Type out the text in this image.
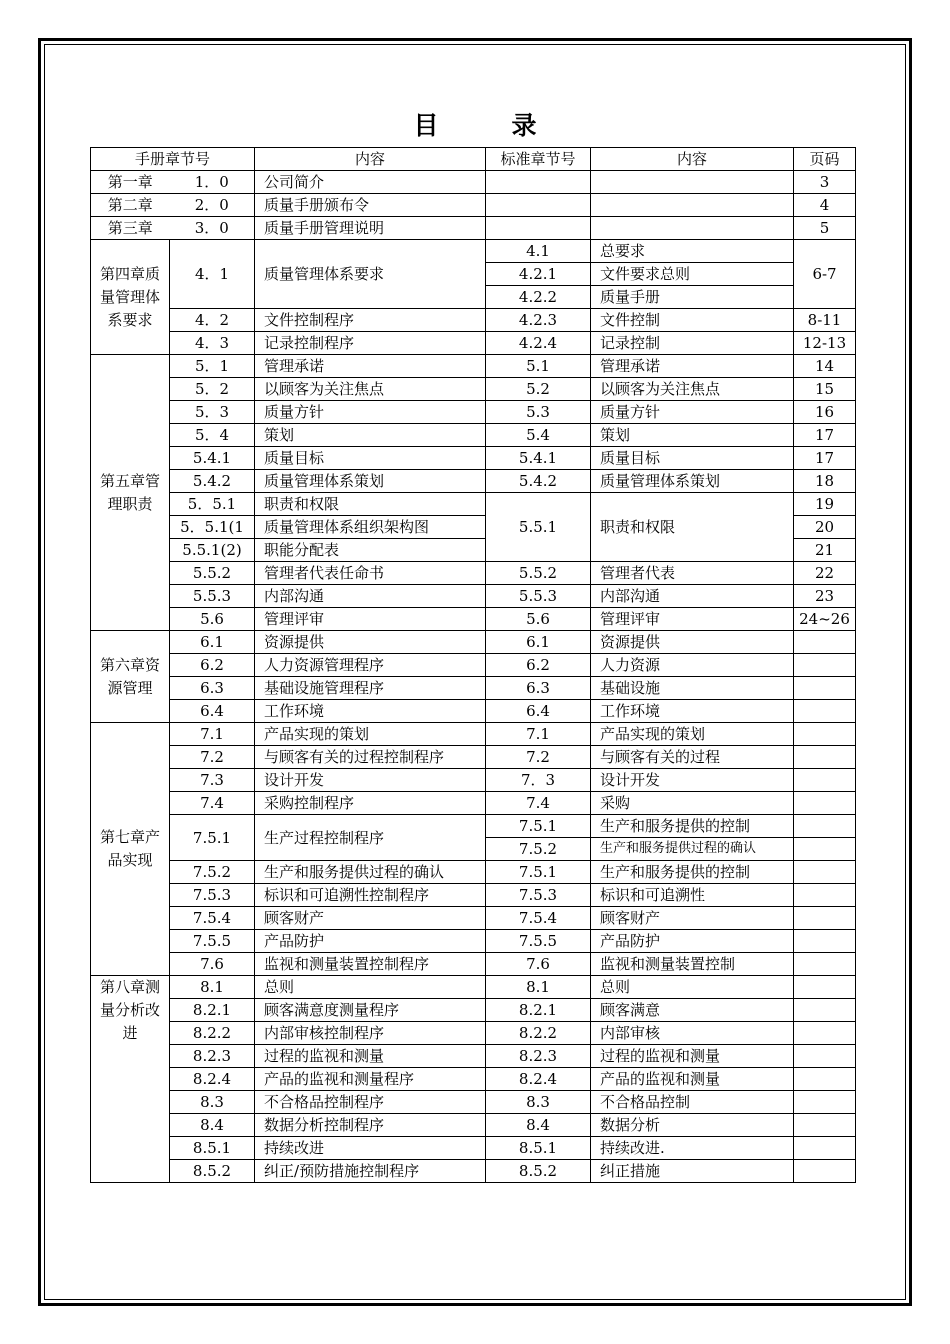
目　录
手册章节号		内容	标准章节号	内容	页码
第一章	1．0	公司简介			3
第二章	2．0	质量手册颁布令			4
第三章	3．0	质量手册管理说明			5
第四章质量管理体系要求	4．1	质量管理体系要求	4.1	总要求	6-7
			4.2.1	文件要求总则	
			4.2.2	质量手册	
	4．2	文件控制程序	4.2.3	文件控制	8-11
	4．3	记录控制程序	4.2.4	记录控制	12-13
第五章管理职责	5．1	管理承诺	5.1	管理承诺	14
	5．2	以顾客为关注焦点	5.2	以顾客为关注焦点	15
	5．3	质量方针	5.3	质量方针	16
	5．4	策划	5.4	策划	17
	5.4.1	质量目标	5.4.1	质量目标	17
	5.4.2	质量管理体系策划	5.4.2	质量管理体系策划	18
	5．5.1	职责和权限	5.5.1	职责和权限	19
	5．5.1(1	质量管理体系组织架构图			20
	5.5.1(2)	职能分配表			21
	5.5.2	管理者代表任命书	5.5.2	管理者代表	22
	5.5.3	内部沟通	5.5.3	内部沟通	23
	5.6	管理评审	5.6	管理评审	24~26
第六章资源管理	6.1	资源提供	6.1	资源提供	
	6.2	人力资源管理程序	6.2	人力资源	
	6.3	基础设施管理程序	6.3	基础设施	
	6.4	工作环境	6.4	工作环境	
第七章产品实现	7.1	产品实现的策划	7.1	产品实现的策划	
	7.2	与顾客有关的过程控制程序	7.2	与顾客有关的过程	
	7.3	设计开发	7．3	设计开发	
	7.4	采购控制程序	7.4	采购	
	7.5.1	生产过程控制程序	7.5.1	生产和服务提供的控制	
			7.5.2	生产和服务提供过程的确认	
	7.5.2	生产和服务提供过程的确认	7.5.1	生产和服务提供的控制	
	7.5.3	标识和可追溯性控制程序	7.5.3	标识和可追溯性	
	7.5.4	顾客财产	7.5.4	顾客财产	
	7.5.5	产品防护	7.5.5	产品防护	
	7.6	监视和测量装置控制程序	7.6	监视和测量装置控制	
第八章测量分析改进	8.1	总则	8.1	总则	
	8.2.1	顾客满意度测量程序	8.2.1	顾客满意	
	8.2.2	内部审核控制程序	8.2.2	内部审核	
	8.2.3	过程的监视和测量	8.2.3	过程的监视和测量	
	8.2.4	产品的监视和测量程序	8.2.4	产品的监视和测量	
	8.3	不合格品控制程序	8.3	不合格品控制	
	8.4	数据分析控制程序	8.4	数据分析	
	8.5.1	持续改进	8.5.1	持续改进.	
	8.5.2	纠正/预防措施控制程序	8.5.2	纠正措施	
